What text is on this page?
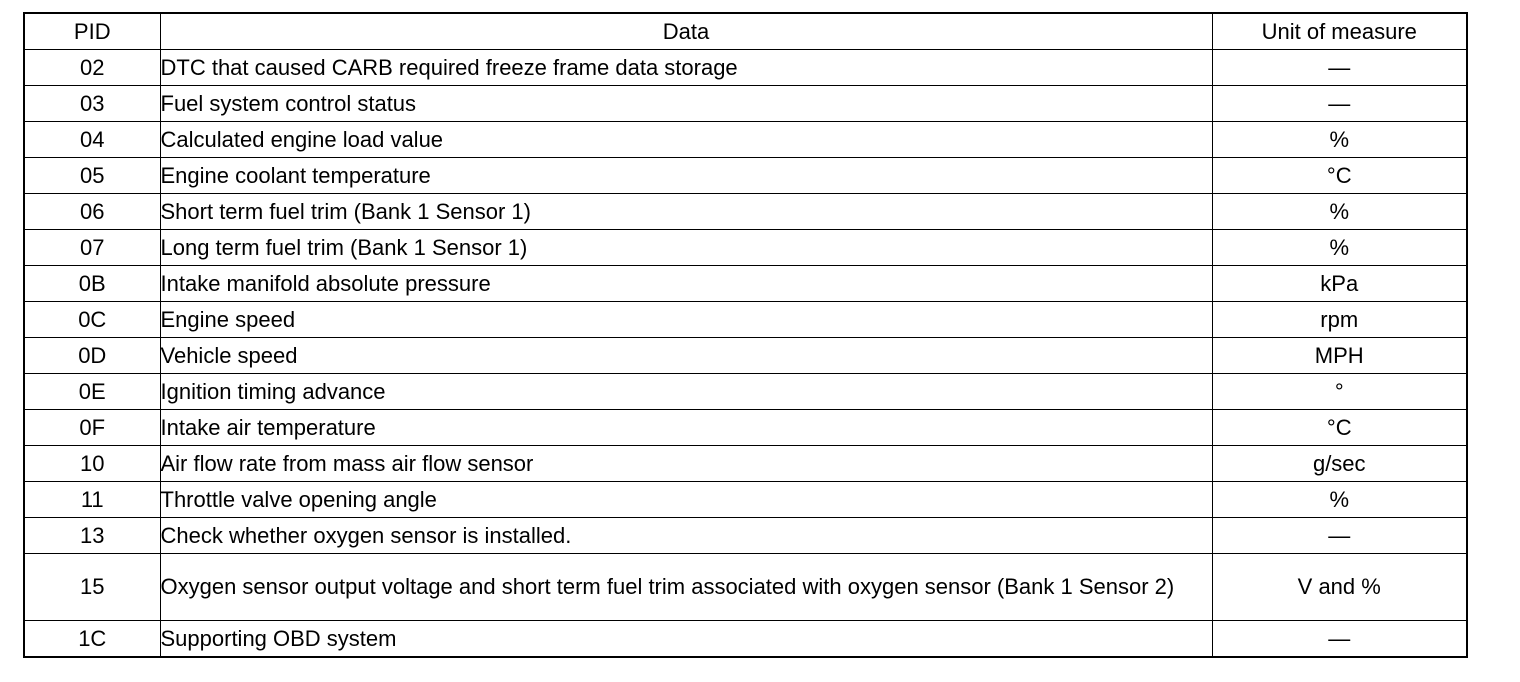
PID	Data	Unit of measure
02	DTC that caused CARB required freeze frame data storage	—
03	Fuel system control status	—
04	Calculated engine load value	%
05	Engine coolant temperature	°C
06	Short term fuel trim (Bank 1 Sensor 1)	%
07	Long term fuel trim (Bank 1 Sensor 1)	%
0B	Intake manifold absolute pressure	kPa
0C	Engine speed	rpm
0D	Vehicle speed	MPH
0E	Ignition timing advance	°
0F	Intake air temperature	°C
10	Air flow rate from mass air flow sensor	g/sec
11	Throttle valve opening angle	%
13	Check whether oxygen sensor is installed.	—
15	Oxygen sensor output voltage and short term fuel trim associated with oxygen sensor (Bank 1 Sensor 2)	V and %
1C	Supporting OBD system	—
